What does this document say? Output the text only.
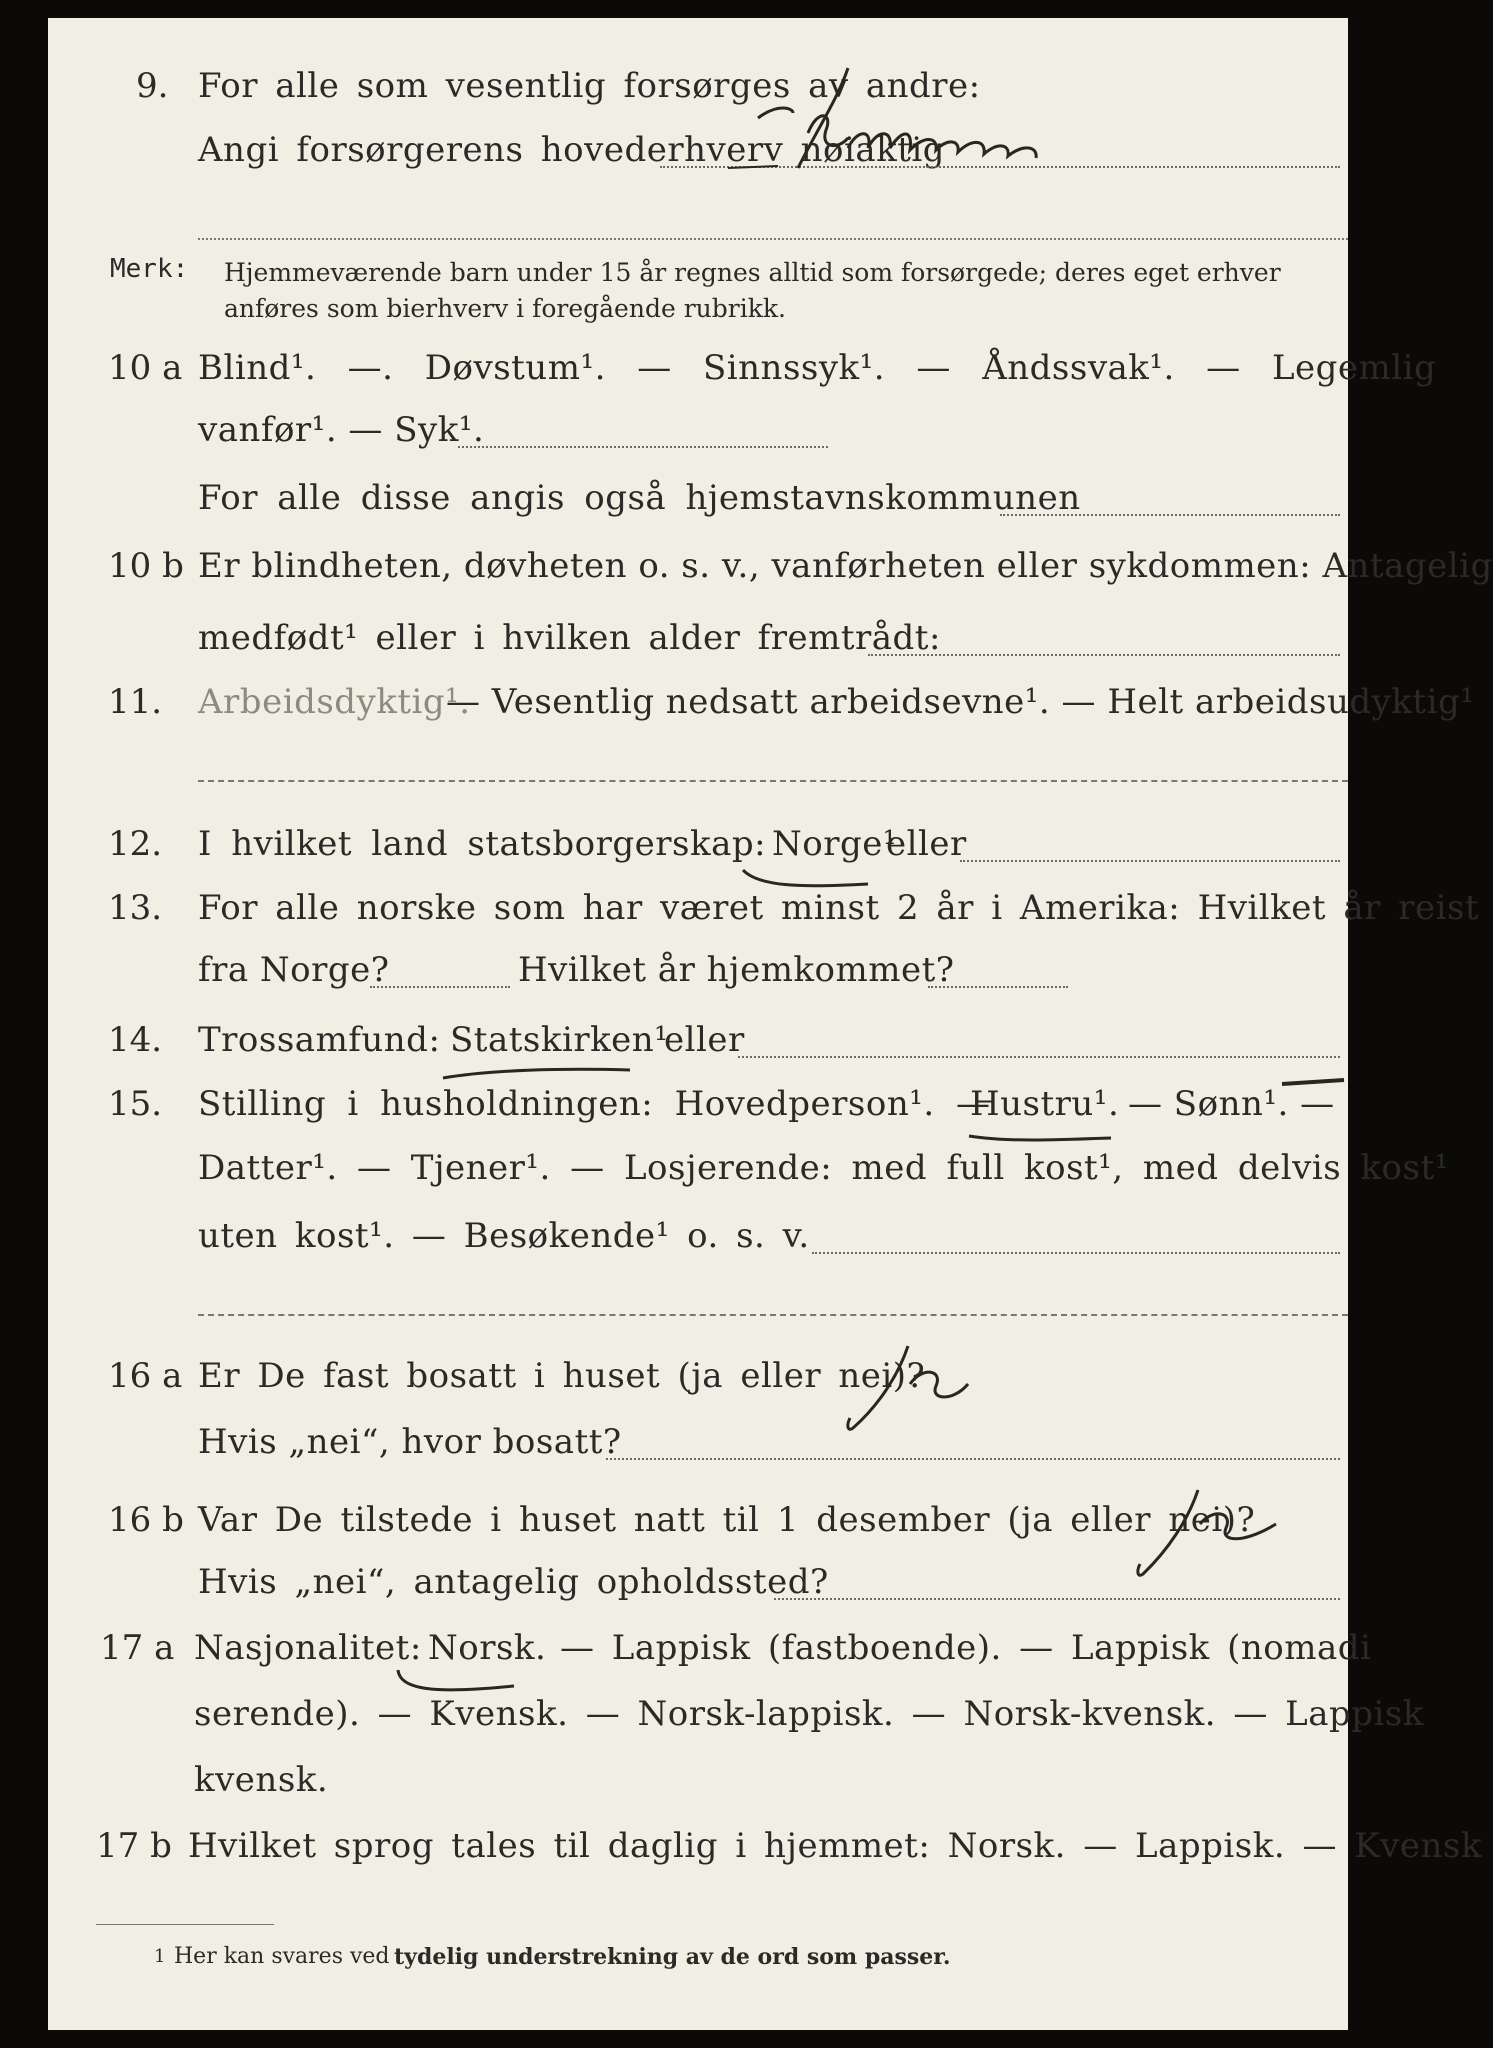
9. For alle som vesentlig forsørges av andre:
Angi forsørgerens hovederhverv nøiaktig
Merk: Hjemmeværende barn under 15 år regnes alltid som forsørgede; deres eget erhver
anføres som bierhverv i foregående rubrikk.
10 a Blind¹. —. Døvstum¹. — Sinnssyk¹. — Åndssvak¹. — Legemlig
vanfør¹. — Syk¹.
For alle disse angis også hjemstavnskommunen
10 b Er blindheten, døvheten o. s. v., vanførheten eller sykdommen: Antagelig
medfødt¹ eller i hvilken alder fremtrådt:
11. Arbeidsdyktig¹.
— Vesentlig nedsatt arbeidsevne¹. — Helt arbeidsudyktig¹
12. I hvilket land statsborgerskap: Norge¹
eller
13. For alle norske som har været minst 2 år i Amerika: Hvilket år reist
fra Norge?	Hvilket år hjemkommet?
14. Trossamfund: Statskirken¹
eller
15. Stilling i husholdningen: Hovedperson¹. —
Hustru¹. — Sønn¹. —
Datter¹. — Tjener¹. — Losjerende: med full kost¹, med delvis kost¹
uten kost¹. — Besøkende¹ o. s. v.
16 a Er De fast bosatt i huset (ja eller nei)?
Hvis „nei“, hvor bosatt?
16 b Var De tilstede i huset natt til 1 desember (ja eller nei)?
Hvis „nei“, antagelig opholdssted?
17 a Nasjonalitet: Norsk. — Lappisk (fastboende). — Lappisk (nomadi
serende). — Kvensk. — Norsk-lappisk. — Norsk-kvensk. — Lappisk
kvensk.
17 b Hvilket sprog tales til daglig i hjemmet: Norsk. — Lappisk. — Kvensk
1 Her kan svares ved tydelig understrekning av de ord som passer.
